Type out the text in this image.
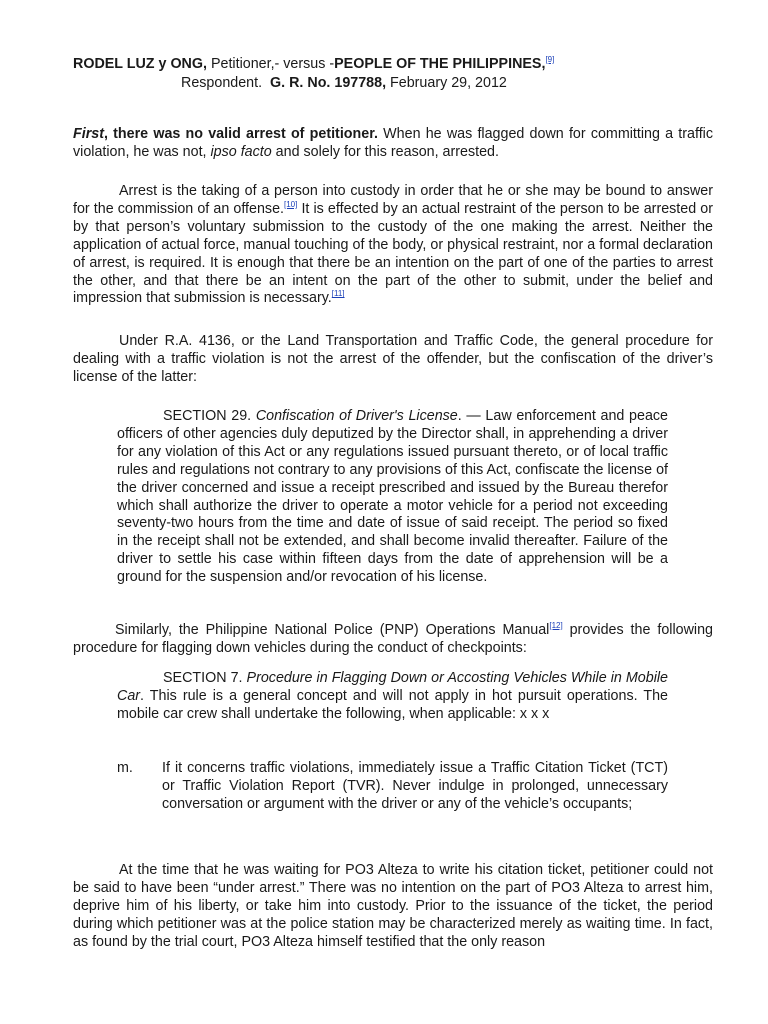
RODEL LUZ y ONG, Petitioner,- versus -PEOPLE OF THE PHILIPPINES,[9]

Respondent. G. R. No. 197788, February 29, 2012

First, there was no valid arrest of petitioner. When he was flagged down for committing a traffic violation, he was not, ipso facto and solely for this reason, arrested.

Arrest is the taking of a person into custody in order that he or she may be bound to answer for the commission of an offense.[10] It is effected by an actual restraint of the person to be arrested or by that person’s voluntary submission to the custody of the one making the arrest. Neither the application of actual force, manual touching of the body, or physical restraint, nor a formal declaration of arrest, is required. It is enough that there be an intention on the part of one of the parties to arrest the other, and that there be an intent on the part of the other to submit, under the belief and impression that submission is necessary.[11]

Under R.A. 4136, or the Land Transportation and Traffic Code, the general procedure for dealing with a traffic violation is not the arrest of the offender, but the confiscation of the driver’s license of the latter:

SECTION 29. Confiscation of Driver's License. — Law enforcement and peace officers of other agencies duly deputized by the Director shall, in apprehending a driver for any violation of this Act or any regulations issued pursuant thereto, or of local traffic rules and regulations not contrary to any provisions of this Act, confiscate the license of the driver concerned and issue a receipt prescribed and issued by the Bureau therefor which shall authorize the driver to operate a motor vehicle for a period not exceeding seventy-two hours from the time and date of issue of said receipt. The period so fixed in the receipt shall not be extended, and shall become invalid thereafter. Failure of the driver to settle his case within fifteen days from the date of apprehension will be a ground for the suspension and/or revocation of his license.

Similarly, the Philippine National Police (PNP) Operations Manual[12] provides the following procedure for flagging down vehicles during the conduct of checkpoints:

SECTION 7. Procedure in Flagging Down or Accosting Vehicles While in Mobile Car. This rule is a general concept and will not apply in hot pursuit operations. The mobile car crew shall undertake the following, when applicable: x x x

m. If it concerns traffic violations, immediately issue a Traffic Citation Ticket (TCT) or Traffic Violation Report (TVR). Never indulge in prolonged, unnecessary conversation or argument with the driver or any of the vehicle’s occupants;

At the time that he was waiting for PO3 Alteza to write his citation ticket, petitioner could not be said to have been “under arrest.” There was no intention on the part of PO3 Alteza to arrest him, deprive him of his liberty, or take him into custody. Prior to the issuance of the ticket, the period during which petitioner was at the police station may be characterized merely as waiting time. In fact, as found by the trial court, PO3 Alteza himself testified that the only reason
